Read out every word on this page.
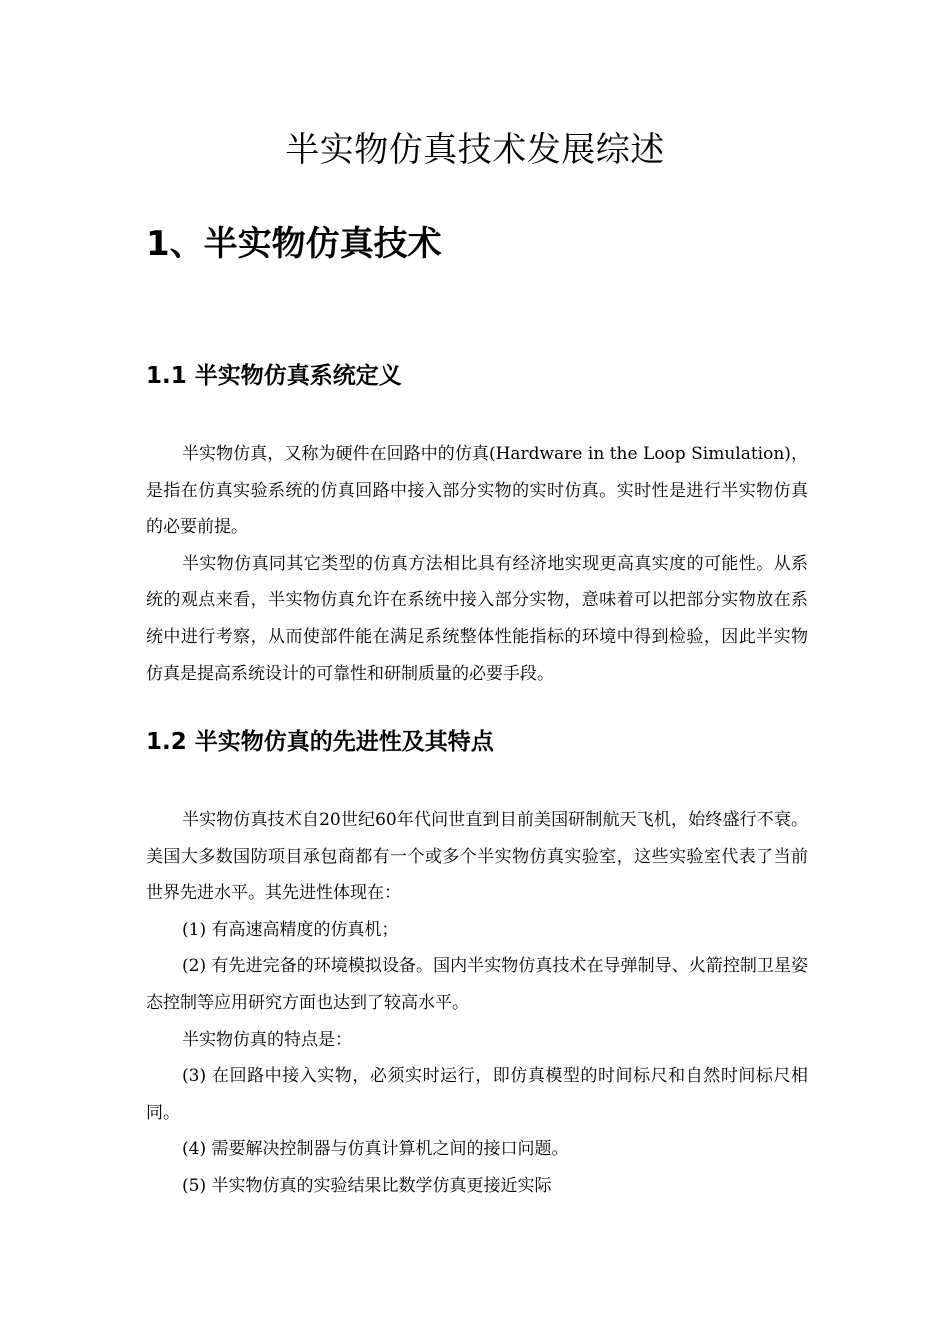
半实物仿真技术发展综述
1、半实物仿真技术
1.1 半实物仿真系统定义

半实物仿真，又称为硬件在回路中的仿真(Hardware in the Loop Simulation)，是指在仿真实验系统的仿真回路中接入部分实物的实时仿真。实时性是进行半实物仿真的必要前提。

半实物仿真同其它类型的仿真方法相比具有经济地实现更高真实度的可能性。从系统的观点来看，半实物仿真允许在系统中接入部分实物，意味着可以把部分实物放在系统中进行考察，从而使部件能在满足系统整体性能指标的环境中得到检验，因此半实物仿真是提高系统设计的可靠性和研制质量的必要手段。

1.2 半实物仿真的先进性及其特点

半实物仿真技术自20世纪60年代问世直到目前美国研制航天飞机，始终盛行不衰。美国大多数国防项目承包商都有一个或多个半实物仿真实验室，这些实验室代表了当前世界先进水平。其先进性体现在：

(1) 有高速高精度的仿真机；

(2) 有先进完备的环境模拟设备。国内半实物仿真技术在导弹制导、火箭控制卫星姿态控制等应用研究方面也达到了较高水平。

半实物仿真的特点是：

(3) 在回路中接入实物，必须实时运行，即仿真模型的时间标尺和自然时间标尺相同。

(4) 需要解决控制器与仿真计算机之间的接口问题。

(5) 半实物仿真的实验结果比数学仿真更接近实际
